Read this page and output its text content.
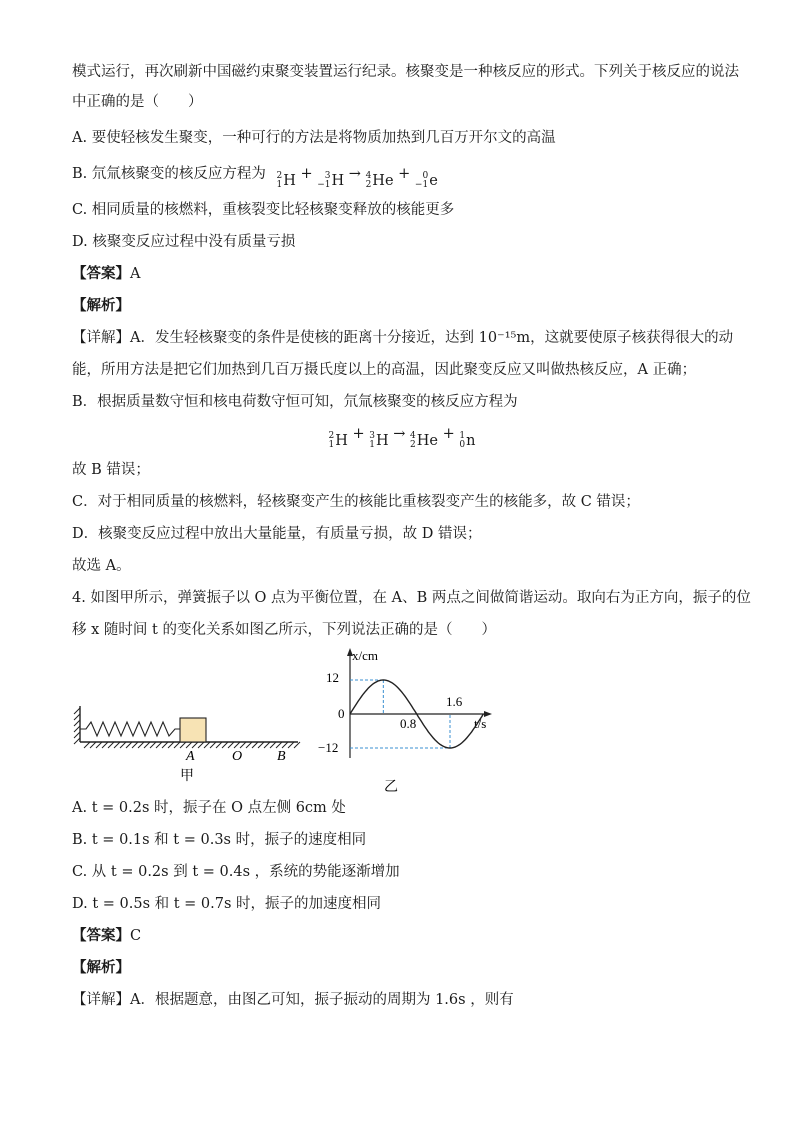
模式运行，再次刷新中国磁约束聚变装置运行纪录。核聚变是一种核反应的形式。下列关于核反应的说法
中正确的是（　　）
A. 要使轻核发生聚变，一种可行的方法是将物质加热到几百万开尔文的高温
B. 氘氚核聚变的核反应方程为 2
1 H + 3
−1 H → 4
2 He + 0
−1 e
C. 相同质量的核燃料，重核裂变比轻核聚变释放的核能更多
D. 核聚变反应过程中没有质量亏损
【答案】A
【解析】
【详解】A．发生轻核聚变的条件是使核的距离十分接近，达到 10⁻¹⁵m，这就要使原子核获得很大的动
能，所用方法是把它们加热到几百万摄氏度以上的高温，因此聚变反应又叫做热核反应，A 正确；
B．根据质量数守恒和核电荷数守恒可知，氘氚核聚变的核反应方程为
2
1 H + 3
1 H → 4
2 He + 1
0 n
故 B 错误；
C．对于相同质量的核燃料，轻核聚变产生的核能比重核裂变产生的核能多，故 C 错误；
D．核聚变反应过程中放出大量能量，有质量亏损，故 D 错误；
故选 A。
4. 如图甲所示，弹簧振子以 O 点为平衡位置，在 A、B 两点之间做简谐运动。取向右为正方向，振子的位
移 x 随时间 t 的变化关系如图乙所示，下列说法正确的是（　　）
A	O B
甲
x/cm
t/s
12
0
−12
0.8
1.6
乙
A. t = 0.2s 时，振子在 O 点左侧 6cm 处
B. t = 0.1s 和 t = 0.3s 时，振子的速度相同
C. 从 t = 0.2s 到 t = 0.4s ，系统的势能逐渐增加
D. t = 0.5s 和 t = 0.7s 时，振子的加速度相同
【答案】C
【解析】
【详解】A．根据题意，由图乙可知，振子振动的周期为 1.6s ，则有
